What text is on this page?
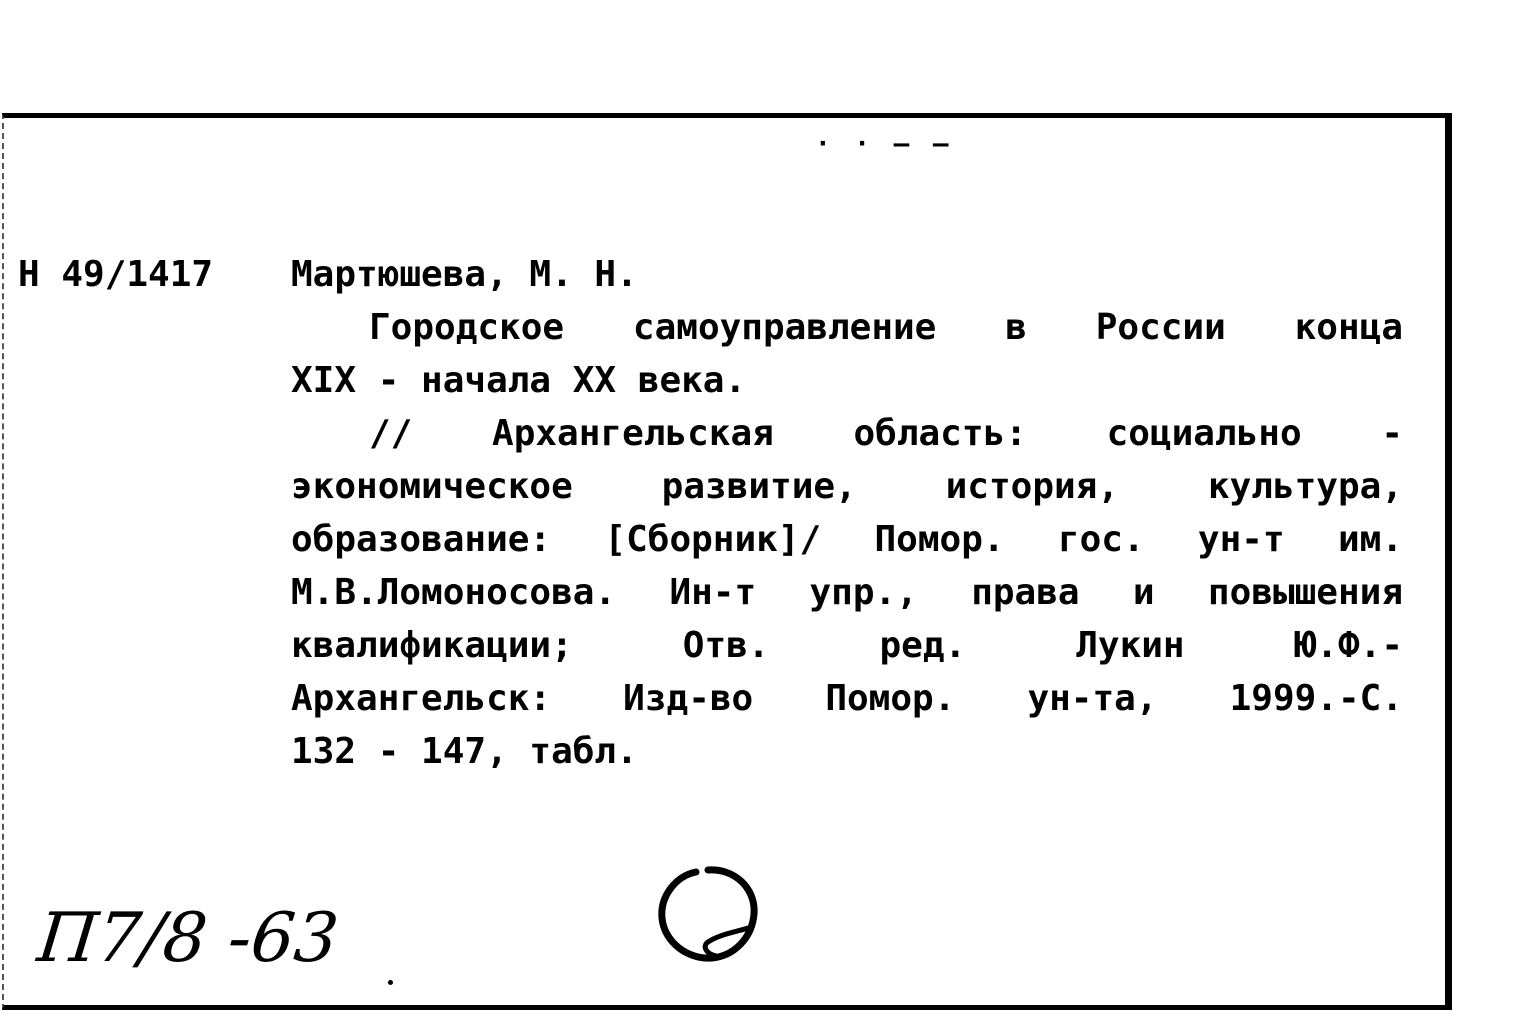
· · — —
Н 49/1417 Мартюшева, М. Н.
Городское самоуправление в России конца
XIX - начала XX века.
// Архангельская область: социально -
экономическое развитие, история, культура,
образование: [Сборник]/ Помор. гос. ун-т им.
М.В.Ломоносова. Ин-т упр., права и повышения
квалификации; Отв. ред. Лукин Ю.Ф.-
Архангельск: Изд-во Помор. ун-та, 1999.-С.
132 - 147, табл.
П7/8 -63
